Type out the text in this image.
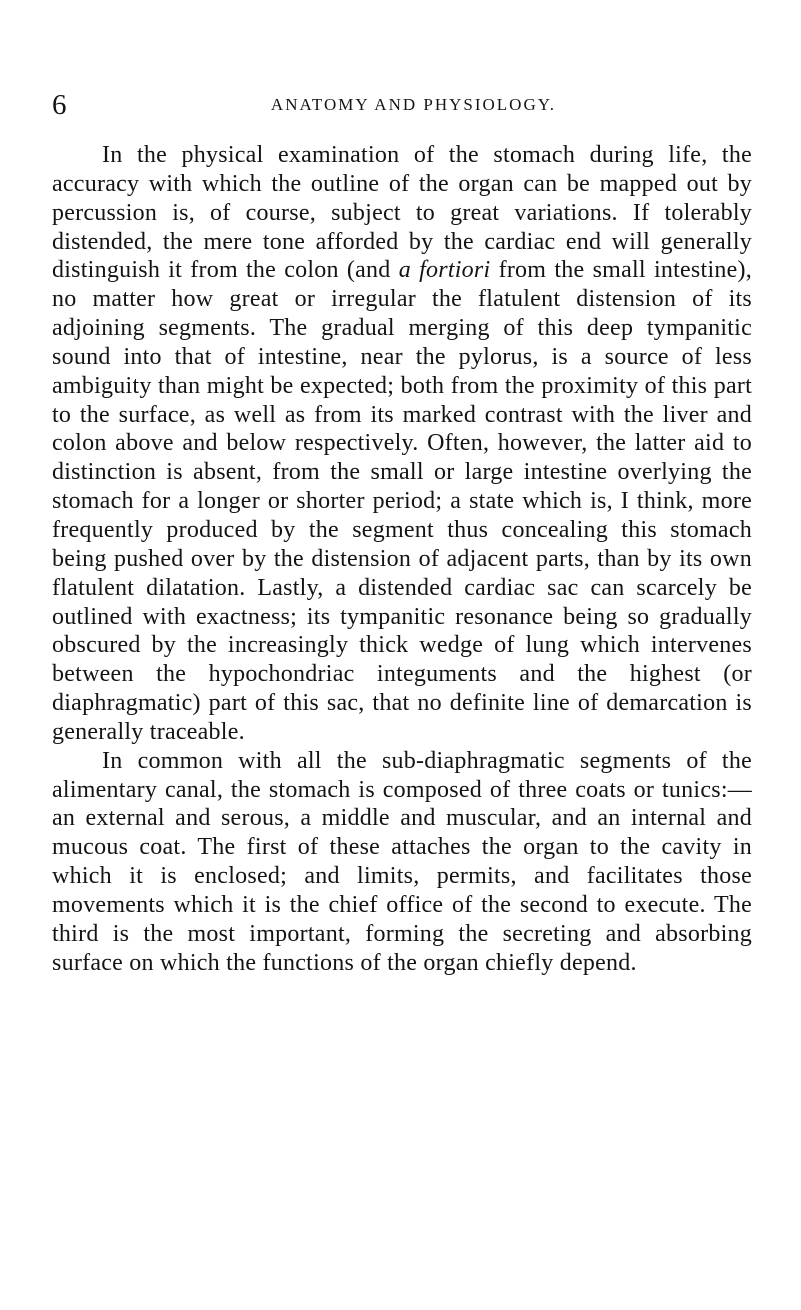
6	ANATOMY AND PHYSIOLOGY.

In the physical examination of the stomach during life, the accuracy with which the outline of the organ can be mapped out by percussion is, of course, subject to great variations. If tolerably distended, the mere tone afforded by the cardiac end will generally distinguish it from the colon (and a fortiori from the small intestine), no matter how great or irregular the flatulent distension of its adjoining segments. The gradual merging of this deep tympanitic sound into that of intestine, near the pylorus, is a source of less ambiguity than might be expected; both from the proximity of this part to the surface, as well as from its marked contrast with the liver and colon above and below respectively. Often, however, the latter aid to distinction is absent, from the small or large intestine overlying the stomach for a longer or shorter period; a state which is, I think, more frequently produced by the segment thus concealing this stomach being pushed over by the distension of adjacent parts, than by its own flatulent dilatation. Lastly, a distended cardiac sac can scarcely be outlined with exactness; its tympanitic resonance being so gradually obscured by the increasingly thick wedge of lung which intervenes between the hypochondriac integuments and the highest (or diaphragmatic) part of this sac, that no definite line of demarcation is generally traceable.

In common with all the sub-diaphragmatic segments of the alimentary canal, the stomach is composed of three coats or tunics:—an external and serous, a middle and muscular, and an internal and mucous coat. The first of these attaches the organ to the cavity in which it is enclosed; and limits, permits, and facilitates those movements which it is the chief office of the second to execute. The third is the most important, forming the secreting and absorbing surface on which the functions of the organ chiefly depend.
